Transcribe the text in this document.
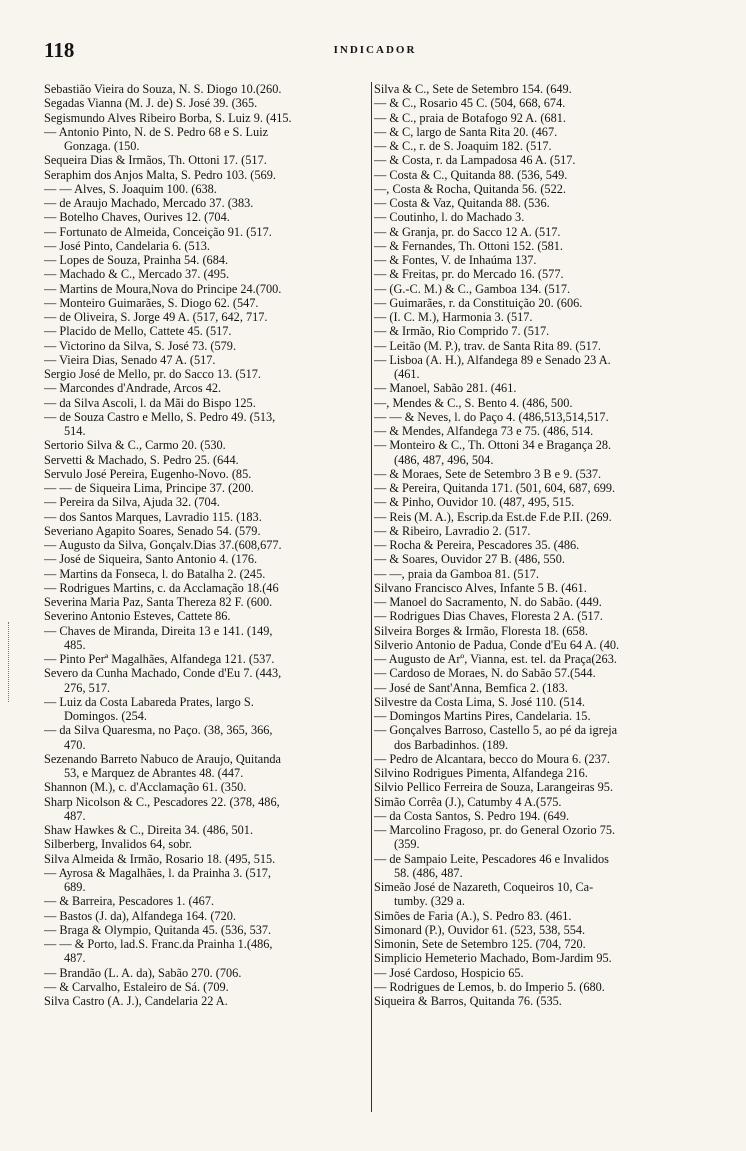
118	INDICADOR
Sebastião Vieira do Souza, N. S. Diogo 10.(260.
Segadas Vianna (M. J. de) S. José 39. (365.
Segismundo Alves Ribeiro Borba, S. Luiz 9. (415.
— Antonio Pinto, N. de S. Pedro 68 e S. Luiz
Gonzaga. (150.
Sequeira Dias & Irmãos, Th. Ottoni 17. (517.
Seraphim dos Anjos Malta, S. Pedro 103. (569.
— — Alves, S. Joaquim 100. (638.
— de Araujo Machado, Mercado 37. (383.
— Botelho Chaves, Ourives 12. (704.
— Fortunato de Almeida, Conceição 91. (517.
— José Pinto, Candelaria 6. (513.
— Lopes de Souza, Prainha 54. (684.
— Machado & C., Mercado 37. (495.
— Martins de Moura,Nova do Principe 24.(700.
— Monteiro Guimarães, S. Diogo 62. (547.
— de Oliveira, S. Jorge 49 A. (517, 642, 717.
— Placido de Mello, Cattete 45. (517.
— Victorino da Silva, S. José 73. (579.
— Vieira Dias, Senado 47 A. (517.
Sergio José de Mello, pr. do Sacco 13. (517.
— Marcondes d'Andrade, Arcos 42.
— da Silva Ascoli, l. da Mãi do Bispo 125.
— de Souza Castro e Mello, S. Pedro 49. (513,
514.
Sertorio Silva & C., Carmo 20. (530.
Servetti & Machado, S. Pedro 25. (644.
Servulo José Pereira, Eugenho-Novo. (85.
— — de Siqueira Lima, Principe 37. (200.
— Pereira da Silva, Ajuda 32. (704.
— dos Santos Marques, Lavradio 115. (183.
Severiano Agapito Soares, Senado 54. (579.
— Augusto da Silva, Gonçalv.Dias 37.(608,677.
— José de Siqueira, Santo Antonio 4. (176.
— Martins da Fonseca, l. do Batalha 2. (245.
— Rodrigues Martins, c. da Acclamação 18.(46
Severina Maria Paz, Santa Thereza 82 F. (600.
Severino Antonio Esteves, Cattete 86.
— Chaves de Miranda, Direita 13 e 141. (149,
485.
— Pinto Perª Magalhães, Alfandega 121. (537.
Severo da Cunha Machado, Conde d'Eu 7. (443,
276, 517.
— Luiz da Costa Labareda Prates, largo S.
Domingos. (254.
— da Silva Quaresma, no Paço. (38, 365, 366,
470.
Sezenando Barreto Nabuco de Araujo, Quitanda
53, e Marquez de Abrantes 48. (447.
Shannon (M.), c. d'Acclamação 61. (350.
Sharp Nicolson & C., Pescadores 22. (378, 486,
487.
Shaw Hawkes & C., Direita 34. (486, 501.
Silberberg, Invalidos 64, sobr.
Silva Almeida & Irmão, Rosario 18. (495, 515.
— Ayrosa & Magalhães, l. da Prainha 3. (517,
689.
— & Barreira, Pescadores 1. (467.
— Bastos (J. da), Alfandega 164. (720.
— Braga & Olympio, Quitanda 45. (536, 537.
— — & Porto, lad.S. Franc.da Prainha 1.(486,
487.
— Brandão (L. A. da), Sabão 270. (706.
— & Carvalho, Estaleiro de Sá. (709.
Silva Castro (A. J.), Candelaria 22 A.
Silva & C., Sete de Setembro 154. (649.
— & C., Rosario 45 C. (504, 668, 674.
— & C., praia de Botafogo 92 A. (681.
— & C, largo de Santa Rita 20. (467.
— & C., r. de S. Joaquim 182. (517.
— & Costa, r. da Lampadosa 46 A. (517.
— Costa & C., Quitanda 88. (536, 549.
—, Costa & Rocha, Quitanda 56. (522.
— Costa & Vaz, Quitanda 88. (536.
— Coutinho, l. do Machado 3.
— & Granja, pr. do Sacco 12 A. (517.
— & Fernandes, Th. Ottoni 152. (581.
— & Fontes, V. de Inhaúma 137.
— & Freitas, pr. do Mercado 16. (577.
— (G.-C. M.) & C., Gamboa 134. (517.
— Guimarães, r. da Constituição 20. (606.
— (I. C. M.), Harmonia 3. (517.
— & Irmão, Rio Comprido 7. (517.
— Leitão (M. P.), trav. de Santa Rita 89. (517.
— Lisboa (A. H.), Alfandega 89 e Senado 23 A.
(461.
— Manoel, Sabão 281. (461.
—, Mendes & C., S. Bento 4. (486, 500.
— — & Neves, l. do Paço 4. (486,513,514,517.
— & Mendes, Alfandega 73 e 75. (486, 514.
— Monteiro & C., Th. Ottoni 34 e Bragança 28.
(486, 487, 496, 504.
— & Moraes, Sete de Setembro 3 B e 9. (537.
— & Pereira, Quitanda 171. (501, 604, 687, 699.
— & Pinho, Ouvidor 10. (487, 495, 515.
— Reis (M. A.), Escrip.da Est.de F.de P.II. (269.
— & Ribeiro, Lavradio 2. (517.
— Rocha & Pereira, Pescadores 35. (486.
— & Soares, Ouvidor 27 B. (486, 550.
— —, praia da Gamboa 81. (517.
Silvano Francisco Alves, Infante 5 B. (461.
— Manoel do Sacramento, N. do Sabão. (449.
— Rodrigues Dias Chaves, Floresta 2 A. (517.
Silveira Borges & Irmão, Floresta 18. (658.
Silverio Antonio de Padua, Conde d'Eu 64 A. (40.
— Augusto de Arº, Vianna, est. tel. da Praça(263.
— Cardoso de Moraes, N. do Sabão 57.(544.
— José de Sant'Anna, Bemfica 2. (183.
Silvestre da Costa Lima, S. José 110. (514.
— Domingos Martins Pires, Candelaria. 15.
— Gonçalves Barroso, Castello 5, ao pé da igreja
dos Barbadinhos. (189.
— Pedro de Alcantara, becco do Moura 6. (237.
Silvino Rodrigues Pimenta, Alfandega 216.
Silvio Pellico Ferreira de Souza, Larangeiras 95.
Simão Corrêa (J.), Catumby 4 A.(575.
— da Costa Santos, S. Pedro 194. (649.
— Marcolino Fragoso, pr. do General Ozorio 75.
(359.
— de Sampaio Leite, Pescadores 46 e Invalidos
58. (486, 487.
Simeão José de Nazareth, Coqueiros 10, Ca-
tumby. (329 a.
Simões de Faria (A.), S. Pedro 83. (461.
Simonard (P.), Ouvidor 61. (523, 538, 554.
Simonin, Sete de Setembro 125. (704, 720.
Simplicio Hemeterio Machado, Bom-Jardim 95.
— José Cardoso, Hospicio 65.
— Rodrigues de Lemos, b. do Imperio 5. (680.
Siqueira & Barros, Quitanda 76. (535.
